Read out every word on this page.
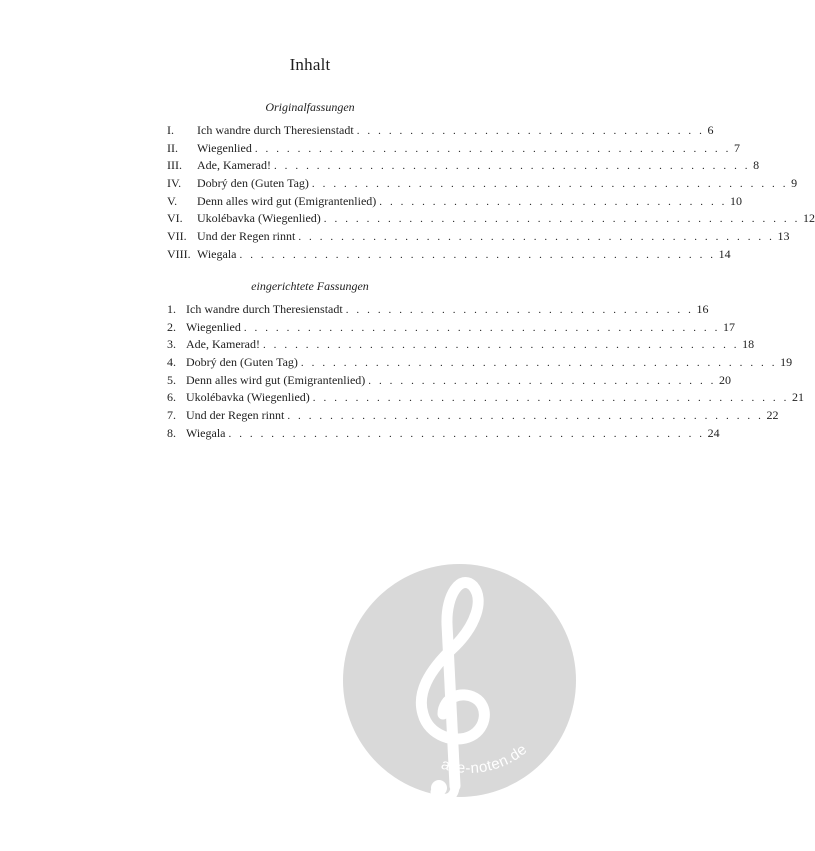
Inhalt
Originalfassungen
I.	Ich wandre durch Theresienstadt . . . . . . . . . . . . . . . . . . . . . . . . . . . . . . . . . 6
II.	Wiegenlied . . . . . . . . . . . . . . . . . . . . . . . . . . . . . . . . . . . . . . . . . . . . . 7
III.	Ade, Kamerad! . . . . . . . . . . . . . . . . . . . . . . . . . . . . . . . . . . . . . . . . . . . . . 8
IV.	Dobrý den (Guten Tag) . . . . . . . . . . . . . . . . . . . . . . . . . . . . . . . . . . . . . . . . . . . . . 9
V.	Denn alles wird gut (Emigrantenlied) . . . . . . . . . . . . . . . . . . . . . . . . . . . . . . . . . 10
VI.	Ukolébavka (Wiegenlied) . . . . . . . . . . . . . . . . . . . . . . . . . . . . . . . . . . . . . . . . . . . . . 12
VII. Und der Regen rinnt . . . . . . . . . . . . . . . . . . . . . . . . . . . . . . . . . . . . . . . . . . . . . 13
VIII. Wiegala . . . . . . . . . . . . . . . . . . . . . . . . . . . . . . . . . . . . . . . . . . . . . 14
eingerichtete Fassungen
1. Ich wandre durch Theresienstadt . . . . . . . . . . . . . . . . . . . . . . . . . . . . . . . . . 16
2. Wiegenlied . . . . . . . . . . . . . . . . . . . . . . . . . . . . . . . . . . . . . . . . . . . . . 17
3. Ade, Kamerad! . . . . . . . . . . . . . . . . . . . . . . . . . . . . . . . . . . . . . . . . . . . . . 18
4. Dobrý den (Guten Tag) . . . . . . . . . . . . . . . . . . . . . . . . . . . . . . . . . . . . . . . . . . . . . 19
5. Denn alles wird gut (Emigrantenlied) . . . . . . . . . . . . . . . . . . . . . . . . . . . . . . . . . 20
6. Ukolébavka (Wiegenlied) . . . . . . . . . . . . . . . . . . . . . . . . . . . . . . . . . . . . . . . . . . . . . 21
7. Und der Regen rinnt . . . . . . . . . . . . . . . . . . . . . . . . . . . . . . . . . . . . . . . . . . . . . 22
8. Wiegala . . . . . . . . . . . . . . . . . . . . . . . . . . . . . . . . . . . . . . . . . . . . . 24
alle-noten.de
